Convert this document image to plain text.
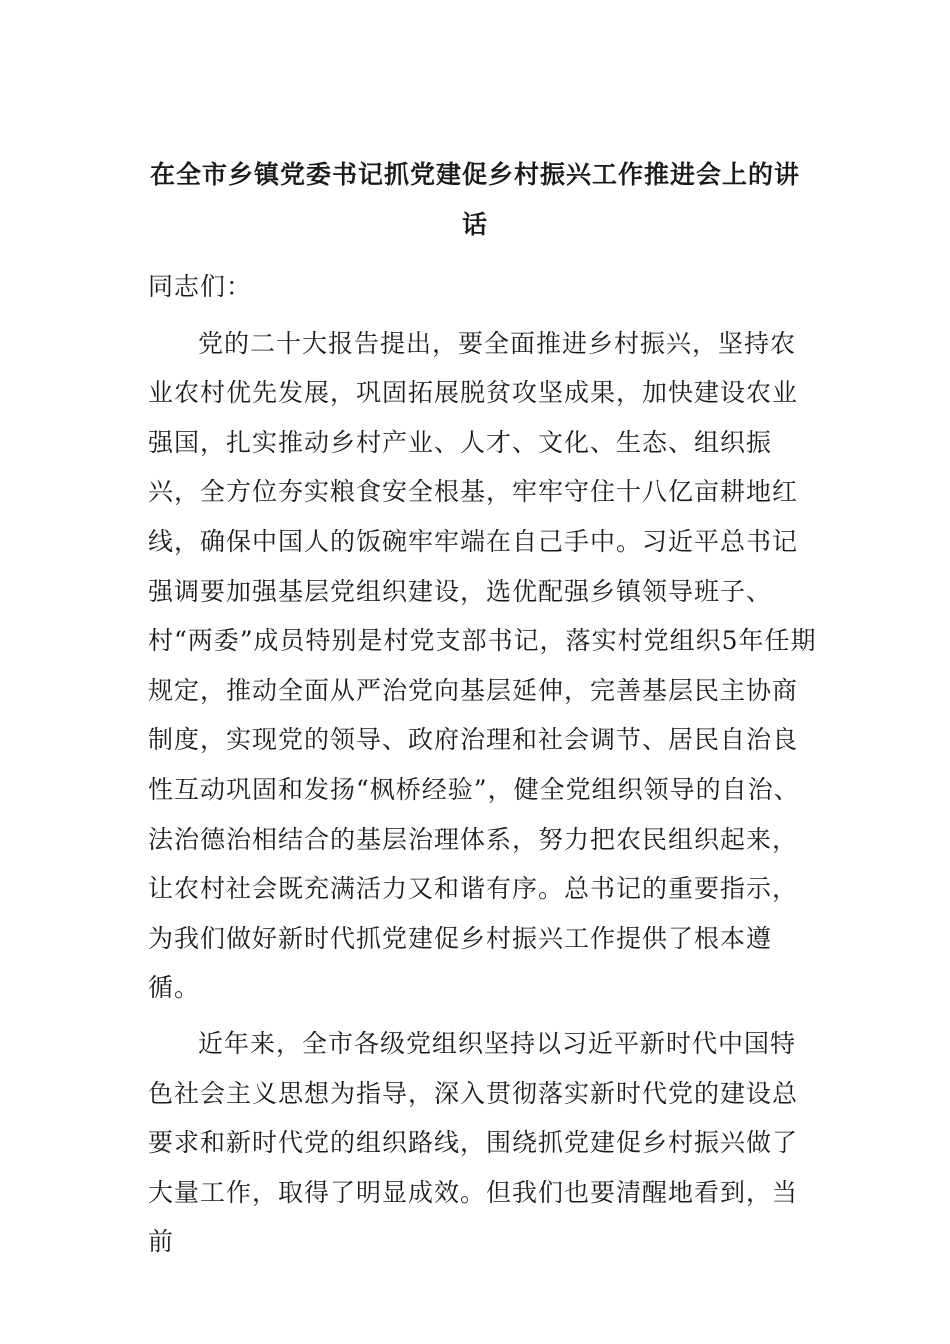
在全市乡镇党委书记抓党建促乡村振兴工作推进会上的讲话

同志们：

党的二十大报告提出，要全面推进乡村振兴，坚持农业农村优先发展，巩固拓展脱贫攻坚成果，加快建设农业强国，扎实推动乡村产业、人才、文化、生态、组织振兴，全方位夯实粮食安全根基，牢牢守住十八亿亩耕地红线，确保中国人的饭碗牢牢端在自己手中。习近平总书记强调要加强基层党组织建设，选优配强乡镇领导班子、村“两委”成员特别是村党支部书记，落实村党组织5年任期规定，推动全面从严治党向基层延伸，完善基层民主协商制度，实现党的领导、政府治理和社会调节、居民自治良性互动巩固和发扬“枫桥经验”，健全党组织领导的自治、法治德治相结合的基层治理体系，努力把农民组织起来，让农村社会既充满活力又和谐有序。总书记的重要指示，为我们做好新时代抓党建促乡村振兴工作提供了根本遵循。

近年来，全市各级党组织坚持以习近平新时代中国特色社会主义思想为指导，深入贯彻落实新时代党的建设总要求和新时代党的组织路线，围绕抓党建促乡村振兴做了大量工作，取得了明显成效。但我们也要清醒地看到，当前
